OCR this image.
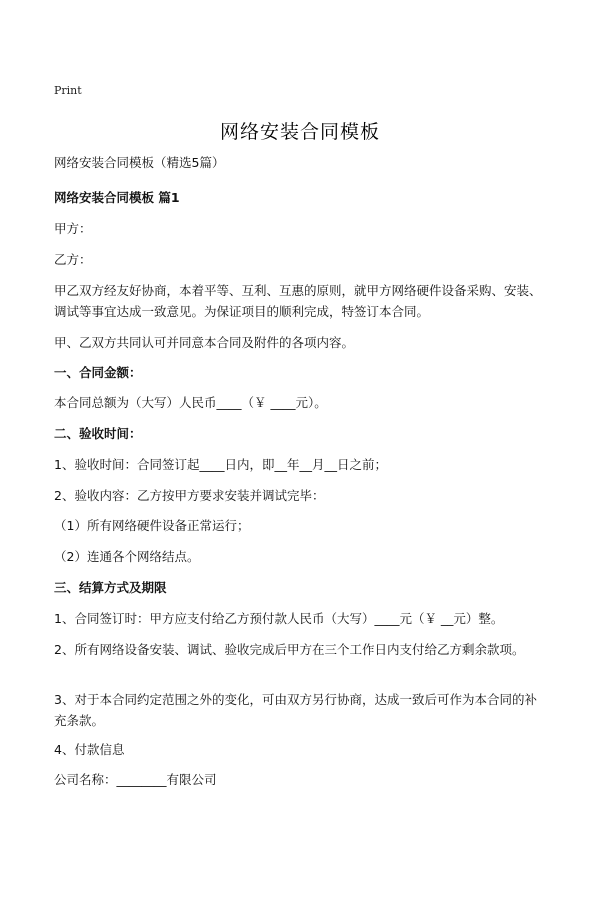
Print
网络安装合同模板
网络安装合同模板（精选5篇）
网络安装合同模板 篇1
甲方：
乙方：
甲乙双方经友好协商，本着平等、互利、互惠的原则，就甲方网络硬件设备采购、安装、调试等事宜达成一致意见。为保证项目的顺利完成，特签订本合同。
甲、乙双方共同认可并同意本合同及附件的各项内容。
一、合同金额：
本合同总额为（大写）人民币____（￥ ____元）。
二、验收时间：
1、验收时间：合同签订起____日内，即__年__月__日之前；
2、验收内容：乙方按甲方要求安装并调试完毕：
（1）所有网络硬件设备正常运行；
（2）连通各个网络结点。
三、结算方式及期限
1、合同签订时：甲方应支付给乙方预付款人民币（大写）____元（￥ __元）整。
2、所有网络设备安装、调试、验收完成后甲方在三个工作日内支付给乙方剩余款项。
3、对于本合同约定范围之外的变化，可由双方另行协商，达成一致后可作为本合同的补充条款。
4、付款信息
公司名称：________有限公司
